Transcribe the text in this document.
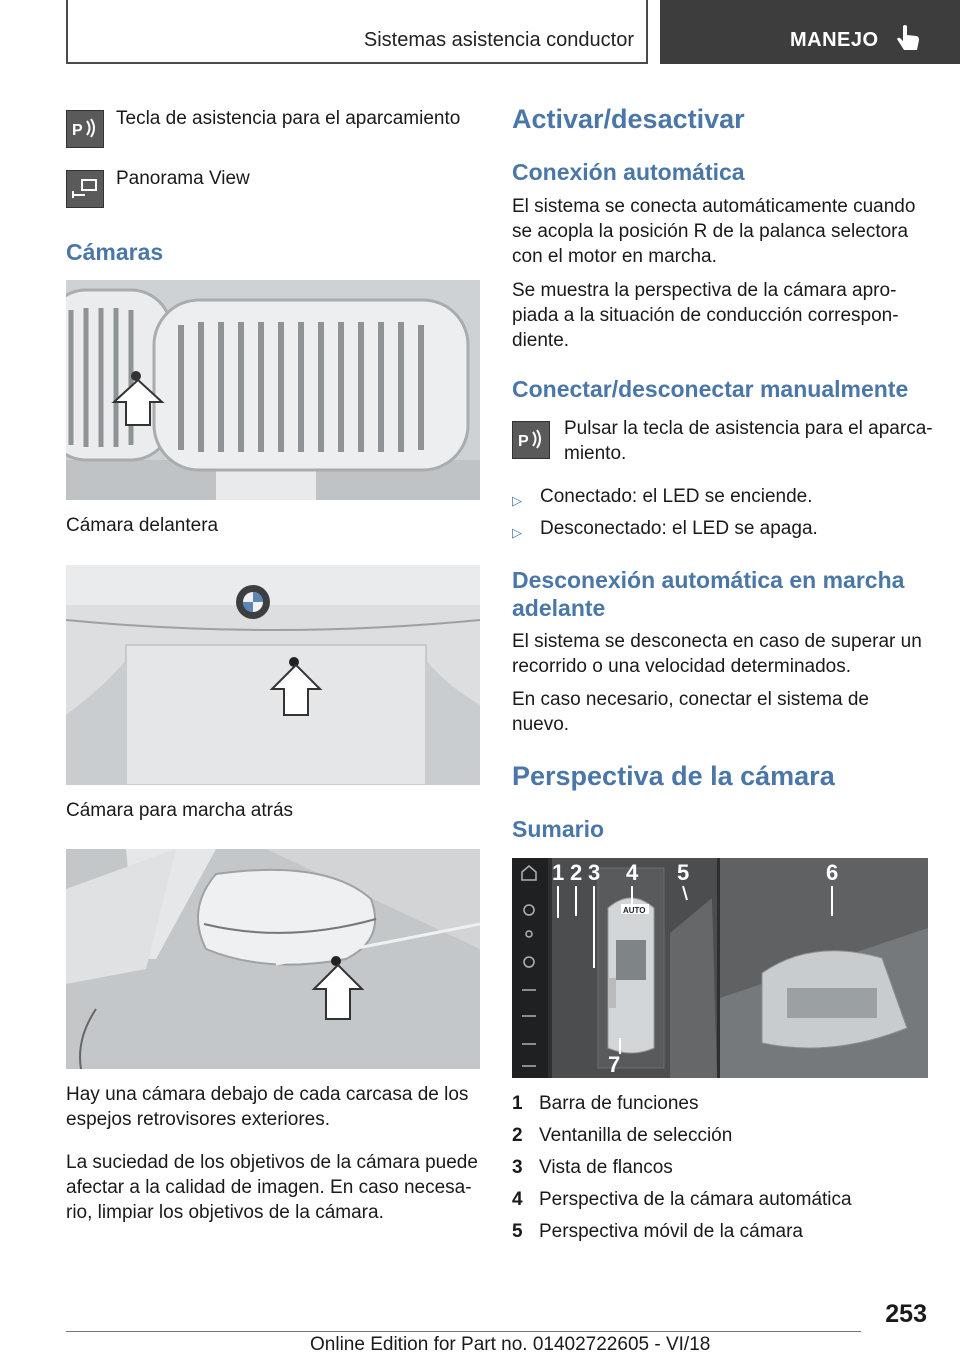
Sistemas asistencia conductor	MANEJO
P
Tecla de asistencia para el aparcamiento
Panorama View
Cámaras
Cámara delantera
Cámara para marcha atrás
Hay una cámara debajo de cada carcasa de los espejos retrovisores exteriores.
La suciedad de los objetivos de la cámara puede afectar a la calidad de imagen. En caso necesa‐rio, limpiar los objetivos de la cámara.
Activar/desactivar
Conexión automática
El sistema se conecta automáticamente cuando se acopla la posición R de la palanca selectora con el motor en marcha.
Se muestra la perspectiva de la cámara apro‐piada a la situación de conducción correspon‐diente.
Conectar/desconectar manualmente
P
Pulsar la tecla de asistencia para el aparca‐miento.
▷ Conectado: el LED se enciende.
▷ Desconectado: el LED se apaga.
Desconexión automática en marcha adelante
El sistema se desconecta en caso de superar un recorrido o una velocidad determinados.
En caso necesario, conectar el sistema de nuevo.
Perspectiva de la cámara
Sumario
AUTO
1 2 3 4 5	6
7
1 Barra de funciones
2 Ventanilla de selección
3 Vista de flancos
4 Perspectiva de la cámara automática
5 Perspectiva móvil de la cámara
253
Online Edition for Part no. 01402722605 - VI/18
